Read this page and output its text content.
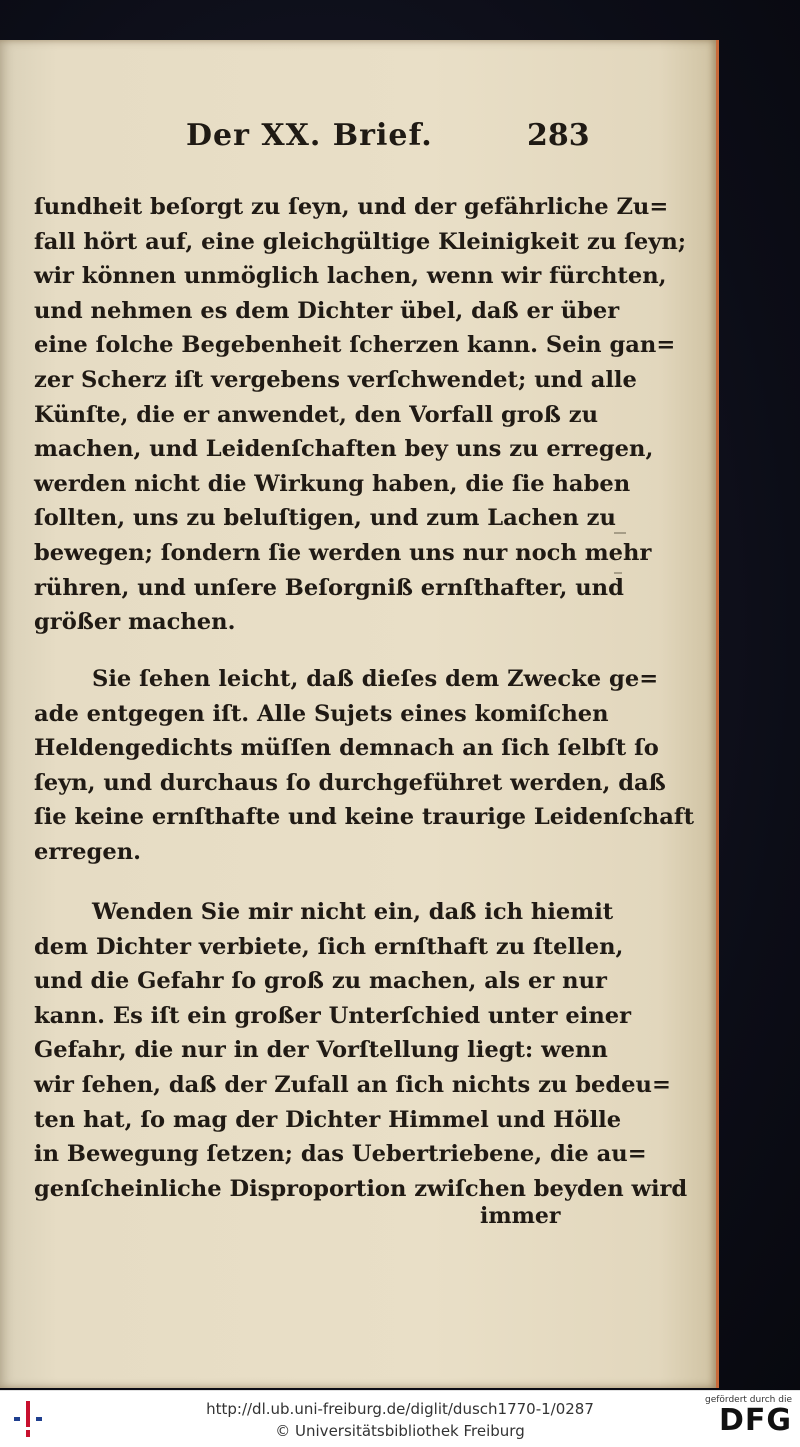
Der XX. Brief.	283
ſundheit beſorgt zu ſeyn, und der gefährliche Zu=
fall hört auf, eine gleichgültige Kleinigkeit zu ſeyn;
wir können unmöglich lachen, wenn wir fürchten,
und nehmen es dem Dichter übel, daß er über
eine ſolche Begebenheit ſcherzen kann. Sein gan=
zer Scherz iſt vergebens verſchwendet; und alle
Künſte, die er anwendet, den Vorfall groß zu
machen, und Leidenſchaften bey uns zu erregen,
werden nicht die Wirkung haben, die ſie haben
ſollten, uns zu beluſtigen, und zum Lachen zu
bewegen; ſondern ſie werden uns nur noch mehr
rühren, und unſere Beſorgniß ernſthafter, und
größer machen.
Sie ſehen leicht, daß dieſes dem Zwecke ge=
ade entgegen iſt. Alle Sujets eines komiſchen
Heldengedichts müſſen demnach an ſich ſelbſt ſo
ſeyn, und durchaus ſo durchgeführet werden, daß
ſie keine ernſthafte und keine traurige Leidenſchaft
erregen.
Wenden Sie mir nicht ein, daß ich hiemit
dem Dichter verbiete, ſich ernſthaft zu ſtellen,
und die Gefahr ſo groß zu machen, als er nur
kann. Es iſt ein großer Unterſchied unter einer
Gefahr, die nur in der Vorſtellung liegt: wenn
wir ſehen, daß der Zufall an ſich nichts zu bedeu=
ten hat, ſo mag der Dichter Himmel und Hölle
in Bewegung ſetzen; das Uebertriebene, die au=
genſcheinliche Disproportion zwiſchen beyden wird
immer
http://dl.ub.uni-freiburg.de/diglit/dusch1770-1/0287
© Universitätsbibliothek Freiburg
gefördert durch die
DFG
